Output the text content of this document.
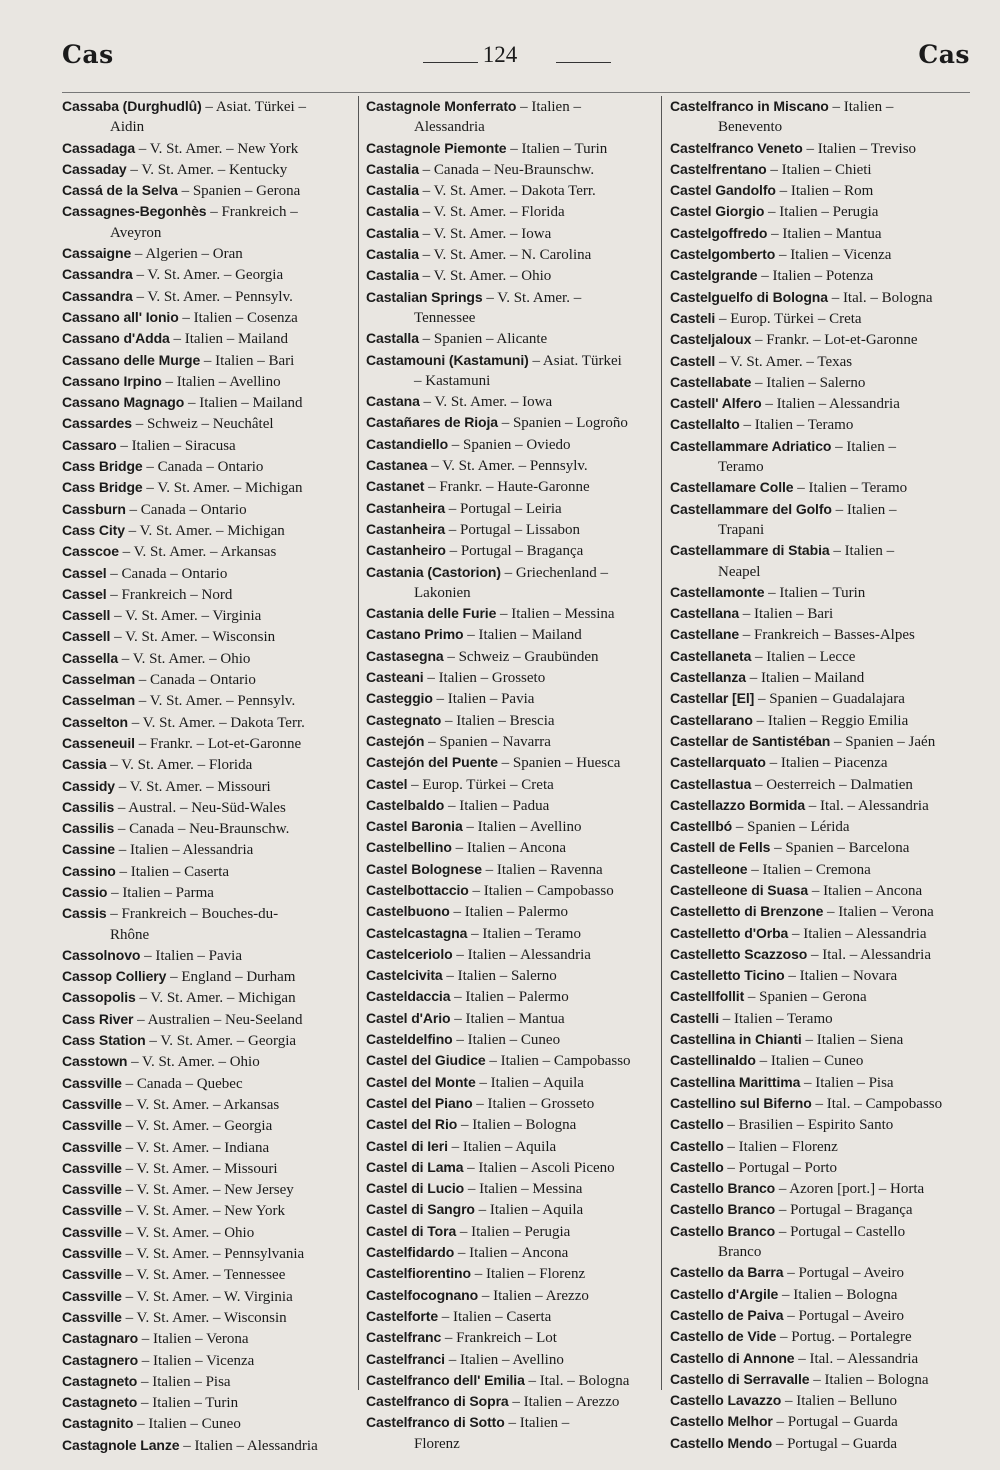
Cas	124	Cas
Cassaba (Durghudlû) – Asiat. Türkei –
Aidin
Cassadaga – V. St. Amer. – New York
Cassaday – V. St. Amer. – Kentucky
Cassá de la Selva – Spanien – Gerona
Cassagnes-Begonhès – Frankreich –
Aveyron
Cassaigne – Algerien – Oran
Cassandra – V. St. Amer. – Georgia
Cassandra – V. St. Amer. – Pennsylv.
Cassano all' Ionio – Italien – Cosenza
Cassano d'Adda – Italien – Mailand
Cassano delle Murge – Italien – Bari
Cassano Irpino – Italien – Avellino
Cassano Magnago – Italien – Mailand
Cassardes – Schweiz – Neuchâtel
Cassaro – Italien – Siracusa
Cass Bridge – Canada – Ontario
Cass Bridge – V. St. Amer. – Michigan
Cassburn – Canada – Ontario
Cass City – V. St. Amer. – Michigan
Casscoe – V. St. Amer. – Arkansas
Cassel – Canada – Ontario
Cassel – Frankreich – Nord
Cassell – V. St. Amer. – Virginia
Cassell – V. St. Amer. – Wisconsin
Cassella – V. St. Amer. – Ohio
Casselman – Canada – Ontario
Casselman – V. St. Amer. – Pennsylv.
Casselton – V. St. Amer. – Dakota Terr.
Casseneuil – Frankr. – Lot-et-Garonne
Cassia – V. St. Amer. – Florida
Cassidy – V. St. Amer. – Missouri
Cassilis – Austral. – Neu-Süd-Wales
Cassilis – Canada – Neu-Braunschw.
Cassine – Italien – Alessandria
Cassino – Italien – Caserta
Cassio – Italien – Parma
Cassis – Frankreich – Bouches-du-
Rhône
Cassolnovo – Italien – Pavia
Cassop Colliery – England – Durham
Cassopolis – V. St. Amer. – Michigan
Cass River – Australien – Neu-Seeland
Cass Station – V. St. Amer. – Georgia
Casstown – V. St. Amer. – Ohio
Cassville – Canada – Quebec
Cassville – V. St. Amer. – Arkansas
Cassville – V. St. Amer. – Georgia
Cassville – V. St. Amer. – Indiana
Cassville – V. St. Amer. – Missouri
Cassville – V. St. Amer. – New Jersey
Cassville – V. St. Amer. – New York
Cassville – V. St. Amer. – Ohio
Cassville – V. St. Amer. – Pennsylvania
Cassville – V. St. Amer. – Tennessee
Cassville – V. St. Amer. – W. Virginia
Cassville – V. St. Amer. – Wisconsin
Castagnaro – Italien – Verona
Castagnero – Italien – Vicenza
Castagneto – Italien – Pisa
Castagneto – Italien – Turin
Castagnito – Italien – Cuneo
Castagnole Lanze – Italien – Alessandria
Castagnole Monferrato – Italien –
Alessandria
Castagnole Piemonte – Italien – Turin
Castalia – Canada – Neu-Braunschw.
Castalia – V. St. Amer. – Dakota Terr.
Castalia – V. St. Amer. – Florida
Castalia – V. St. Amer. – Iowa
Castalia – V. St. Amer. – N. Carolina
Castalia – V. St. Amer. – Ohio
Castalian Springs – V. St. Amer. –
Tennessee
Castalla – Spanien – Alicante
Castamouni (Kastamuni) – Asiat. Türkei
– Kastamuni
Castana – V. St. Amer. – Iowa
Castañares de Rioja – Spanien – Logroño
Castandiello – Spanien – Oviedo
Castanea – V. St. Amer. – Pennsylv.
Castanet – Frankr. – Haute-Garonne
Castanheira – Portugal – Leiria
Castanheira – Portugal – Lissabon
Castanheiro – Portugal – Bragança
Castania (Castorion) – Griechenland –
Lakonien
Castania delle Furie – Italien – Messina
Castano Primo – Italien – Mailand
Castasegna – Schweiz – Graubünden
Casteani – Italien – Grosseto
Casteggio – Italien – Pavia
Castegnato – Italien – Brescia
Castejón – Spanien – Navarra
Castejón del Puente – Spanien – Huesca
Castel – Europ. Türkei – Creta
Castelbaldo – Italien – Padua
Castel Baronia – Italien – Avellino
Castelbellino – Italien – Ancona
Castel Bolognese – Italien – Ravenna
Castelbottaccio – Italien – Campobasso
Castelbuono – Italien – Palermo
Castelcastagna – Italien – Teramo
Castelceriolo – Italien – Alessandria
Castelcivita – Italien – Salerno
Casteldaccia – Italien – Palermo
Castel d'Ario – Italien – Mantua
Casteldelfino – Italien – Cuneo
Castel del Giudice – Italien – Campobasso
Castel del Monte – Italien – Aquila
Castel del Piano – Italien – Grosseto
Castel del Rio – Italien – Bologna
Castel di Ieri – Italien – Aquila
Castel di Lama – Italien – Ascoli Piceno
Castel di Lucio – Italien – Messina
Castel di Sangro – Italien – Aquila
Castel di Tora – Italien – Perugia
Castelfidardo – Italien – Ancona
Castelfiorentino – Italien – Florenz
Castelfocognano – Italien – Arezzo
Castelforte – Italien – Caserta
Castelfranc – Frankreich – Lot
Castelfranci – Italien – Avellino
Castelfranco dell' Emilia – Ital. – Bologna
Castelfranco di Sopra – Italien – Arezzo
Castelfranco di Sotto – Italien –
Florenz
Castelfranco in Miscano – Italien –
Benevento
Castelfranco Veneto – Italien – Treviso
Castelfrentano – Italien – Chieti
Castel Gandolfo – Italien – Rom
Castel Giorgio – Italien – Perugia
Castelgoffredo – Italien – Mantua
Castelgomberto – Italien – Vicenza
Castelgrande – Italien – Potenza
Castelguelfo di Bologna – Ital. – Bologna
Casteli – Europ. Türkei – Creta
Casteljaloux – Frankr. – Lot-et-Garonne
Castell – V. St. Amer. – Texas
Castellabate – Italien – Salerno
Castell' Alfero – Italien – Alessandria
Castellalto – Italien – Teramo
Castellammare Adriatico – Italien –
Teramo
Castellamare Colle – Italien – Teramo
Castellammare del Golfo – Italien –
Trapani
Castellammare di Stabia – Italien –
Neapel
Castellamonte – Italien – Turin
Castellana – Italien – Bari
Castellane – Frankreich – Basses-Alpes
Castellaneta – Italien – Lecce
Castellanza – Italien – Mailand
Castellar [El] – Spanien – Guadalajara
Castellarano – Italien – Reggio Emilia
Castellar de Santistéban – Spanien – Jaén
Castellarquato – Italien – Piacenza
Castellastua – Oesterreich – Dalmatien
Castellazzo Bormida – Ital. – Alessandria
Castellbó – Spanien – Lérida
Castell de Fells – Spanien – Barcelona
Castelleone – Italien – Cremona
Castelleone di Suasa – Italien – Ancona
Castelletto di Brenzone – Italien – Verona
Castelletto d'Orba – Italien – Alessandria
Castelletto Scazzoso – Ital. – Alessandria
Castelletto Ticino – Italien – Novara
Castellfollit – Spanien – Gerona
Castelli – Italien – Teramo
Castellina in Chianti – Italien – Siena
Castellinaldo – Italien – Cuneo
Castellina Marittima – Italien – Pisa
Castellino sul Biferno – Ital. – Campobasso
Castello – Brasilien – Espirito Santo
Castello – Italien – Florenz
Castello – Portugal – Porto
Castello Branco – Azoren [port.] – Horta
Castello Branco – Portugal – Bragança
Castello Branco – Portugal – Castello
Branco
Castello da Barra – Portugal – Aveiro
Castello d'Argile – Italien – Bologna
Castello de Paiva – Portugal – Aveiro
Castello de Vide – Portug. – Portalegre
Castello di Annone – Ital. – Alessandria
Castello di Serravalle – Italien – Bologna
Castello Lavazzo – Italien – Belluno
Castello Melhor – Portugal – Guarda
Castello Mendo – Portugal – Guarda
